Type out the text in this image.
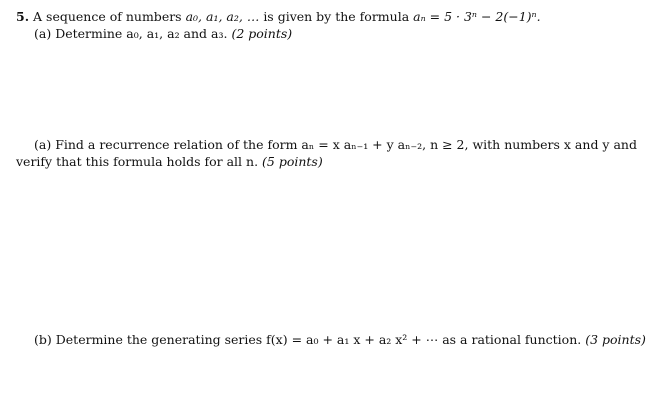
5. A sequence of numbers a₀, a₁, a₂, … is given by the formula aₙ = 5 · 3ⁿ − 2(−1)ⁿ.
(a) Determine a₀, a₁, a₂ and a₃. (2 points)
(a) Find a recurrence relation of the form aₙ = x aₙ₋₁ + y aₙ₋₂, n ≥ 2, with numbers x and y and
verify that this formula holds for all n. (5 points)
(b) Determine the generating series f(x) = a₀ + a₁ x + a₂ x² + ⋯ as a rational function. (3 points)
